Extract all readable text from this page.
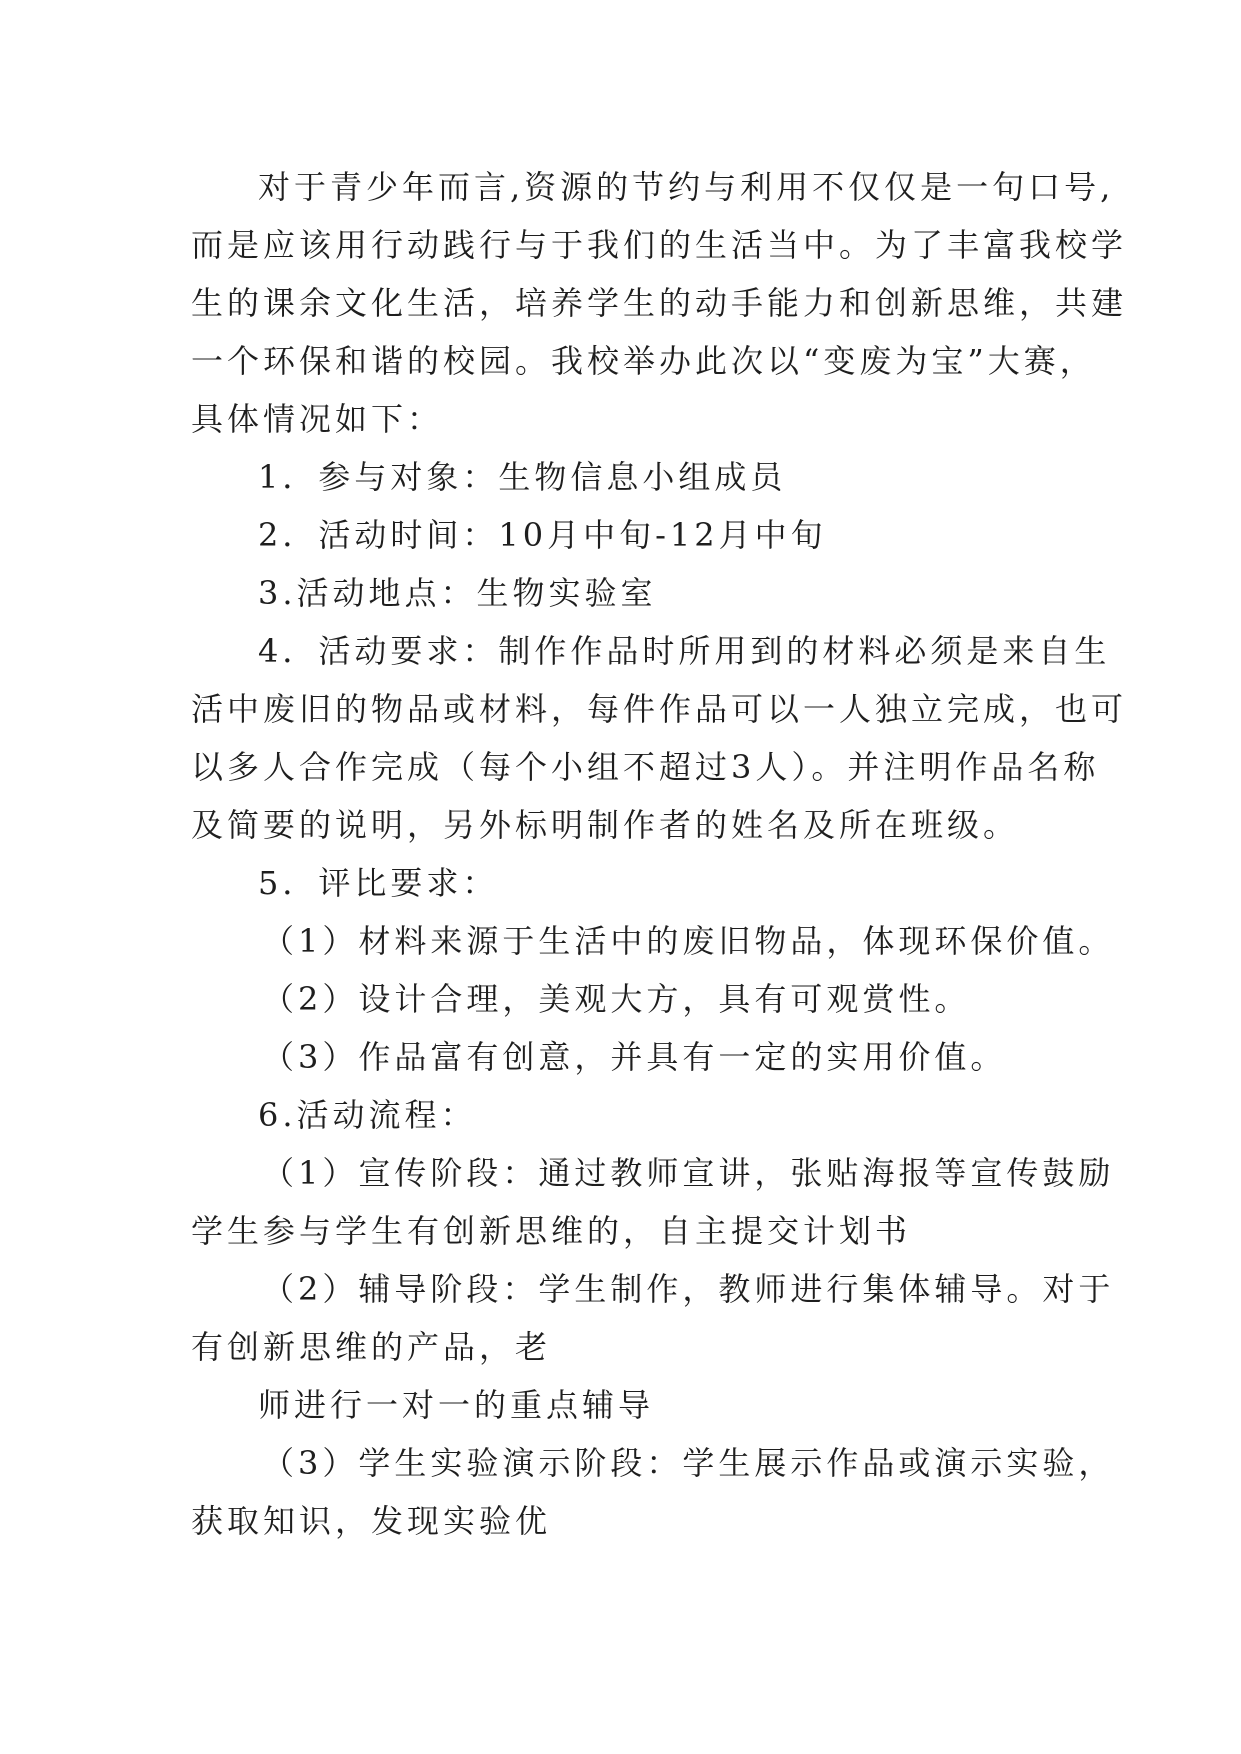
对于青少年而言,资源的节约与利用不仅仅是一句口号,

而是应该用行动践行与于我们的生活当中。为了丰富我校学

生的课余文化生活，培养学生的动手能力和创新思维，共建

一个环保和谐的校园。我校举办此次以“变废为宝”大赛，

具体情况如下：

1．参与对象：生物信息小组成员

2．活动时间：10月中旬-12月中旬

3.活动地点：生物实验室

4．活动要求：制作作品时所用到的材料必须是来自生

活中废旧的物品或材料，每件作品可以一人独立完成，也可

以多人合作完成（每个小组不超过3人）。并注明作品名称

及简要的说明，另外标明制作者的姓名及所在班级。

5．评比要求：

（1）材料来源于生活中的废旧物品，体现环保价值。

（2）设计合理，美观大方，具有可观赏性。

（3）作品富有创意，并具有一定的实用价值。

6.活动流程：

（1）宣传阶段：通过教师宣讲，张贴海报等宣传鼓励

学生参与学生有创新思维的，自主提交计划书

（2）辅导阶段：学生制作，教师进行集体辅导。对于

有创新思维的产品，老

师进行一对一的重点辅导

（3）学生实验演示阶段：学生展示作品或演示实验，

获取知识，发现实验优
